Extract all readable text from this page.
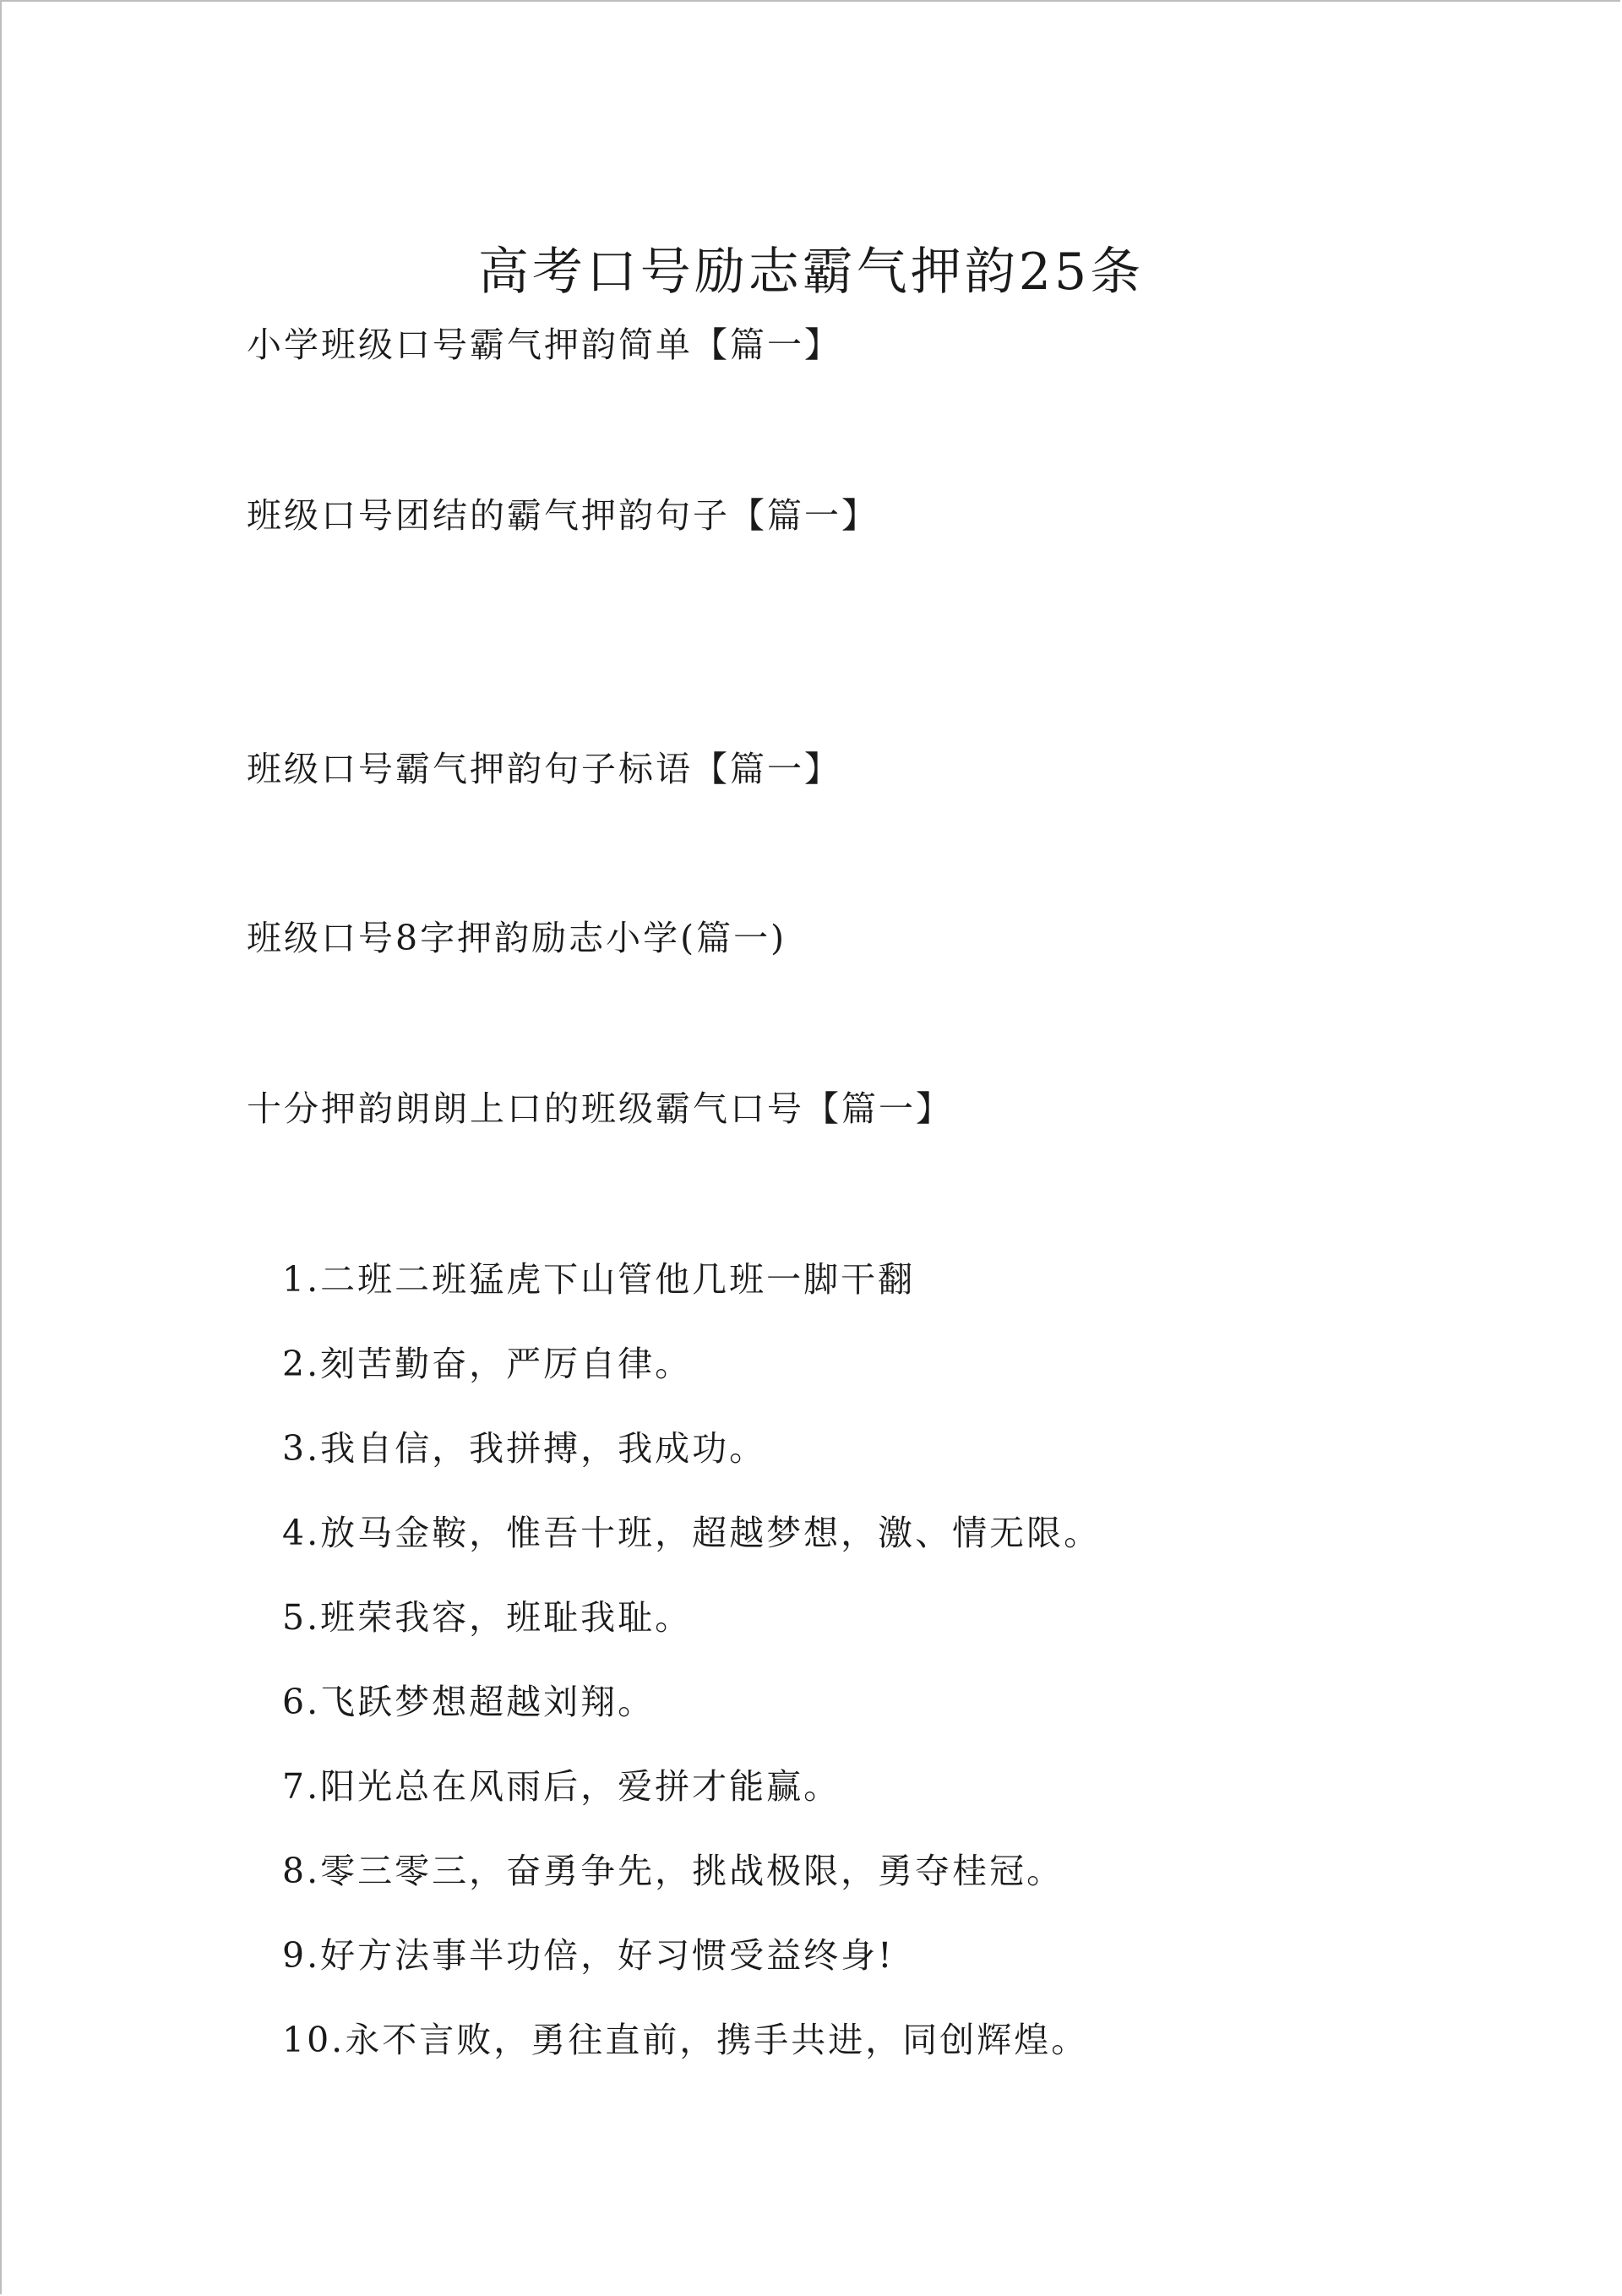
高考口号励志霸气押韵25条
小学班级口号霸气押韵简单【篇一】
班级口号团结的霸气押韵句子【篇一】
班级口号霸气押韵句子标语【篇一】
班级口号8字押韵励志小学(篇一)
十分押韵朗朗上口的班级霸气口号【篇一】
1.二班二班猛虎下山管他几班一脚干翻
2.刻苦勤奋，严厉自律。
3.我自信，我拼搏，我成功。
4.放马金鞍，惟吾十班，超越梦想，激、情无限。
5.班荣我容，班耻我耻。
6.飞跃梦想超越刘翔。
7.阳光总在风雨后，爱拼才能赢。
8.零三零三，奋勇争先，挑战极限，勇夺桂冠。
9.好方法事半功倍，好习惯受益终身!
10.永不言败，勇往直前，携手共进，同创辉煌。
